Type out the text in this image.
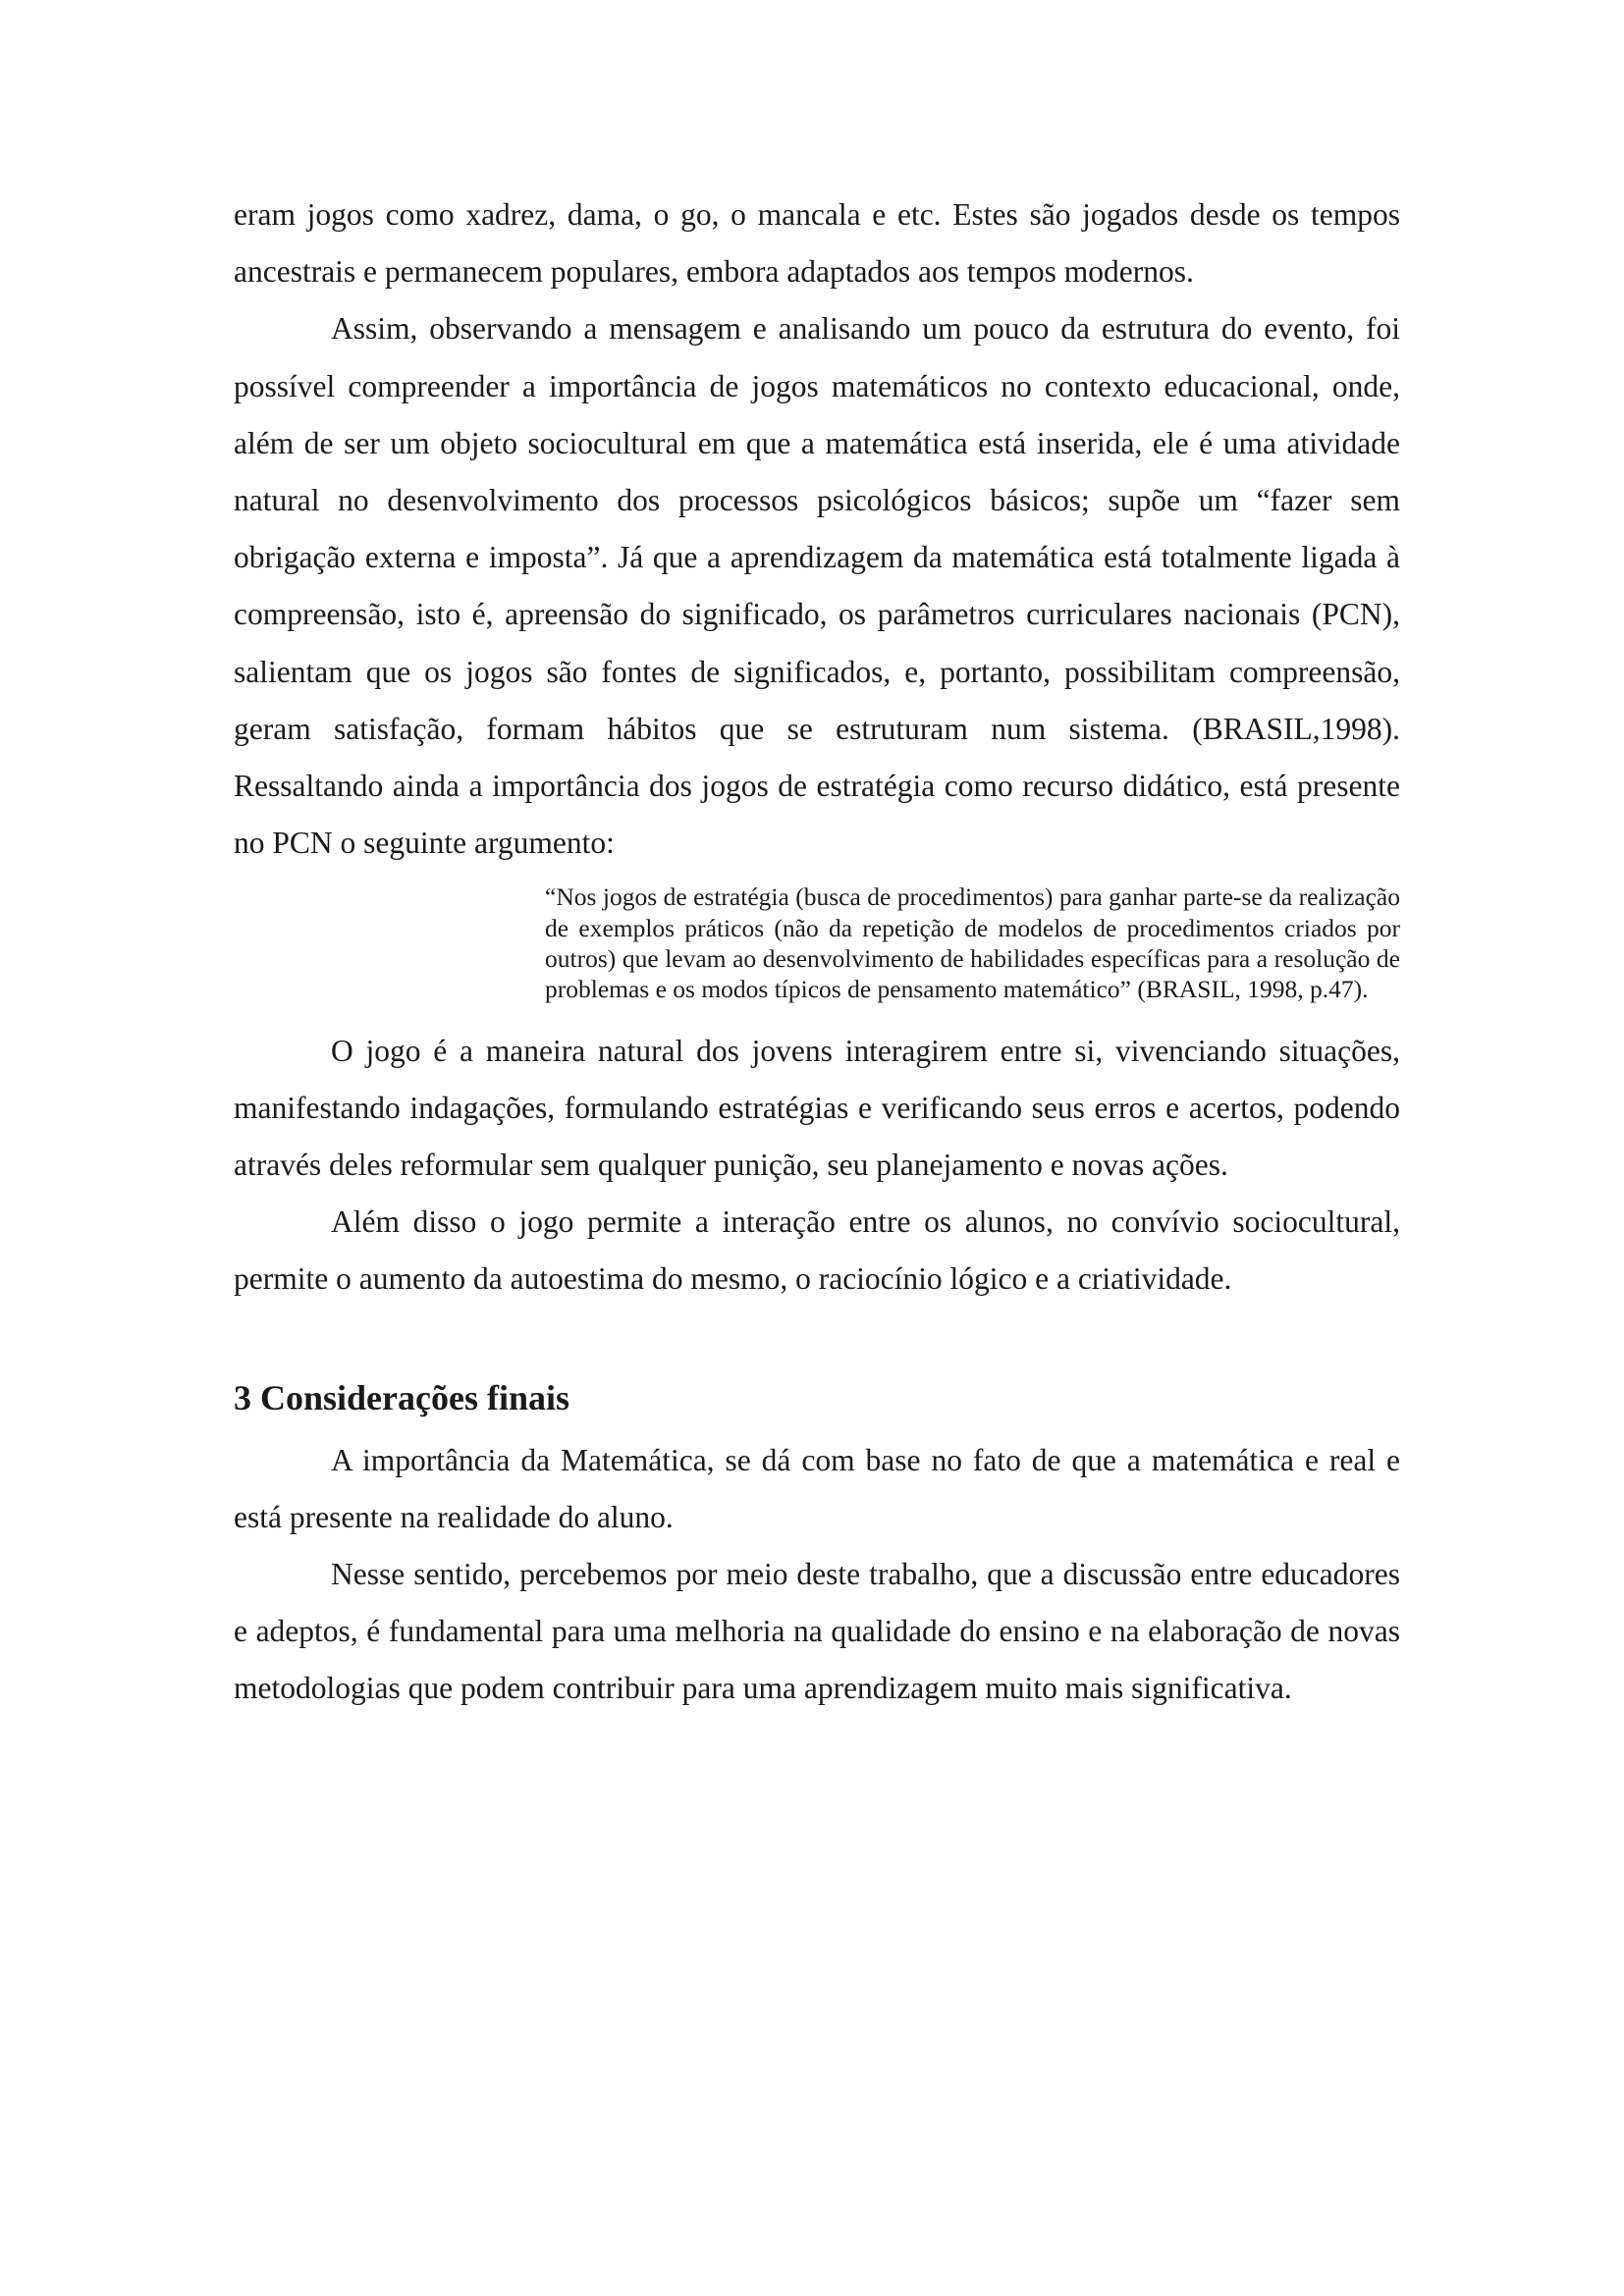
eram jogos como xadrez, dama, o go, o mancala e etc. Estes são jogados desde os tempos ancestrais e permanecem populares, embora adaptados aos tempos modernos.

Assim, observando a mensagem e analisando um pouco da estrutura do evento, foi possível compreender a importância de jogos matemáticos no contexto educacional, onde, além de ser um objeto sociocultural em que a matemática está inserida, ele é uma atividade natural no desenvolvimento dos processos psicológicos básicos; supõe um “fazer sem obrigação externa e imposta”. Já que a aprendizagem da matemática está totalmente ligada à compreensão, isto é, apreensão do significado, os parâmetros curriculares nacionais (PCN), salientam que os jogos são fontes de significados, e, portanto, possibilitam compreensão, geram satisfação, formam hábitos que se estruturam num sistema. (BRASIL,1998). Ressaltando ainda a importância dos jogos de estratégia como recurso didático, está presente no PCN o seguinte argumento:

“Nos jogos de estratégia (busca de procedimentos) para ganhar parte-se da realização de exemplos práticos (não da repetição de modelos de procedimentos criados por outros) que levam ao desenvolvimento de habilidades específicas para a resolução de problemas e os modos típicos de pensamento matemático” (BRASIL, 1998, p.47).

O jogo é a maneira natural dos jovens interagirem entre si, vivenciando situações, manifestando indagações, formulando estratégias e verificando seus erros e acertos, podendo através deles reformular sem qualquer punição, seu planejamento e novas ações.

Além disso o jogo permite a interação entre os alunos, no convívio sociocultural, permite o aumento da autoestima do mesmo, o raciocínio lógico e a criatividade.

3 Considerações finais

A importância da Matemática, se dá com base no fato de que a matemática e real e está presente na realidade do aluno.

Nesse sentido, percebemos por meio deste trabalho, que a discussão entre educadores e adeptos, é fundamental para uma melhoria na qualidade do ensino e na elaboração de novas metodologias que podem contribuir para uma aprendizagem muito mais significativa.
